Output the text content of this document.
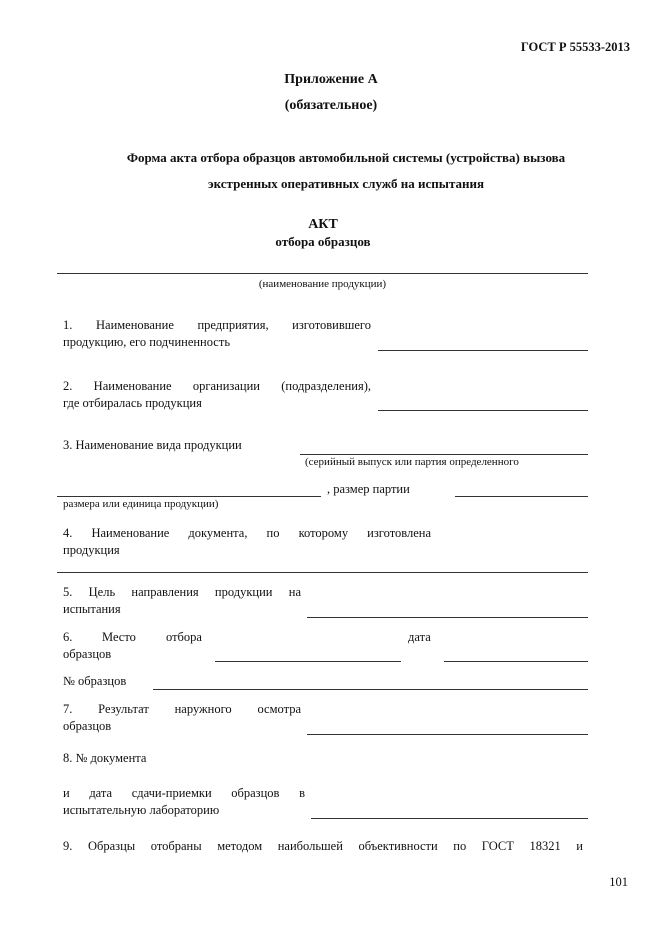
ГОСТ Р 55533-2013
Приложение А
(обязательное)
Форма акта отбора образцов автомобильной системы (устройства) вызова
экстренных оперативных служб на испытания
АКТ
отбора образцов
(наименование продукции)
1. Наименование предприятия, изготовившего
продукцию, его подчиненность
2. Наименование организации (подразделения),
где отбиралась продукция
3. Наименование вида продукции
(серийный выпуск или партия определенного
, размер партии
размера или единица продукции)
4. Наименование документа, по которому изготовлена
продукция
5. Цель направления продукции на
испытания
6. Место отбора	дата
образцов
№ образцов
7. Результат наружного осмотра
образцов
8. № документа
и дата сдачи-приемки образцов в
испытательную лабораторию
9. Образцы отобраны методом наибольшей объективности по ГОСТ 18321 и
101
